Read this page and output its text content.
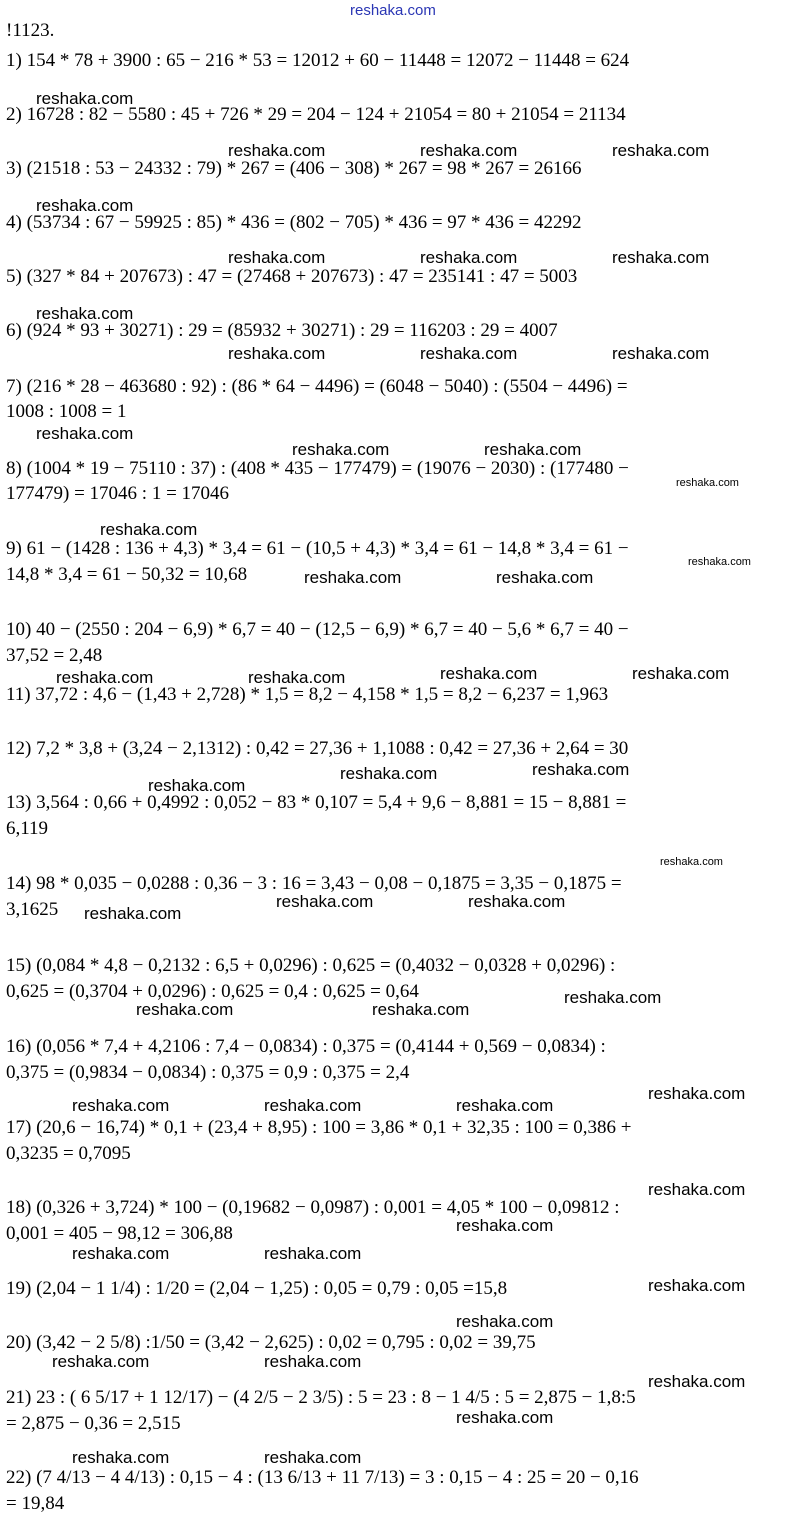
reshaka.com
!1123.
1) 154 * 78 + 3900 : 65 − 216 * 53 = 12012 + 60 − 11448 = 12072 − 11448 = 624
2) 16728 : 82 − 5580 : 45 + 726 * 29 = 204 − 124 + 21054 = 80 + 21054 = 21134
3) (21518 : 53 − 24332 : 79) * 267 = (406 − 308) * 267 = 98 * 267 = 26166
4) (53734 : 67 − 59925 : 85) * 436 = (802 − 705) * 436 = 97 * 436 = 42292
5) (327 * 84 + 207673) : 47 = (27468 + 207673) : 47 = 235141 : 47 = 5003
6) (924 * 93 + 30271) : 29 = (85932 + 30271) : 29 = 116203 : 29 = 4007
7) (216 * 28 − 463680 : 92) : (86 * 64 − 4496) = (6048 − 5040) : (5504 − 4496) =
1008 : 1008 = 1
8) (1004 * 19 − 75110 : 37) : (408 * 435 − 177479) = (19076 − 2030) : (177480 −
177479) = 17046 : 1 = 17046
9) 61 − (1428 : 136 + 4,3) * 3,4 = 61 − (10,5 + 4,3) * 3,4 = 61 − 14,8 * 3,4 = 61 −
14,8 * 3,4 = 61 − 50,32 = 10,68
10) 40 − (2550 : 204 − 6,9) * 6,7 = 40 − (12,5 − 6,9) * 6,7 = 40 − 5,6 * 6,7 = 40 −
37,52 = 2,48
11) 37,72 : 4,6 − (1,43 + 2,728) * 1,5 = 8,2 − 4,158 * 1,5 = 8,2 − 6,237 = 1,963
12) 7,2 * 3,8 + (3,24 − 2,1312) : 0,42 = 27,36 + 1,1088 : 0,42 = 27,36 + 2,64 = 30
13) 3,564 : 0,66 + 0,4992 : 0,052 − 83 * 0,107 = 5,4 + 9,6 − 8,881 = 15 − 8,881 =
6,119
14) 98 * 0,035 − 0,0288 : 0,36 − 3 : 16 = 3,43 − 0,08 − 0,1875 = 3,35 − 0,1875 =
3,1625
15) (0,084 * 4,8 − 0,2132 : 6,5 + 0,0296) : 0,625 = (0,4032 − 0,0328 + 0,0296) :
0,625 = (0,3704 + 0,0296) : 0,625 = 0,4 : 0,625 = 0,64
16) (0,056 * 7,4 + 4,2106 : 7,4 − 0,0834) : 0,375 = (0,4144 + 0,569 − 0,0834) :
0,375 = (0,9834 − 0,0834) : 0,375 = 0,9 : 0,375 = 2,4
17) (20,6 − 16,74) * 0,1 + (23,4 + 8,95) : 100 = 3,86 * 0,1 + 32,35 : 100 = 0,386 +
0,3235 = 0,7095
18) (0,326 + 3,724) * 100 − (0,19682 − 0,0987) : 0,001 = 4,05 * 100 − 0,09812 :
0,001 = 405 − 98,12 = 306,88
19) (2,04 − 1 1/4) : 1/20 = (2,04 − 1,25) : 0,05 = 0,79 : 0,05 =15,8
20) (3,42 − 2 5/8) :1/50 = (3,42 − 2,625) : 0,02 = 0,795 : 0,02 = 39,75
21) 23 : ( 6 5/17 + 1 12/17) − (4 2/5 − 2 3/5) : 5 = 23 : 8 − 1 4/5 : 5 = 2,875 − 1,8:5
= 2,875 − 0,36 = 2,515
22) (7 4/13 − 4 4/13) : 0,15 − 4 : (13 6/13 + 11 7/13) = 3 : 0,15 − 4 : 25 = 20 − 0,16
= 19,84
reshaka.com
reshaka.com	reshaka.com	reshaka.com
reshaka.com
reshaka.com	reshaka.com	reshaka.com
reshaka.com
reshaka.com	reshaka.com	reshaka.com
reshaka.com
reshaka.com	reshaka.com
reshaka.com
reshaka.com
reshaka.com
reshaka.com	reshaka.com
reshaka.com	reshaka.com	reshaka.com	reshaka.com
reshaka.com
reshaka.com	reshaka.com
reshaka.com
reshaka.com
reshaka.com	reshaka.com
reshaka.com
reshaka.com	reshaka.com
reshaka.com
reshaka.com	reshaka.com	reshaka.com
reshaka.com
reshaka.com
reshaka.com	reshaka.com
reshaka.com
reshaka.com
reshaka.com	reshaka.com
reshaka.com
reshaka.com
reshaka.com	reshaka.com
